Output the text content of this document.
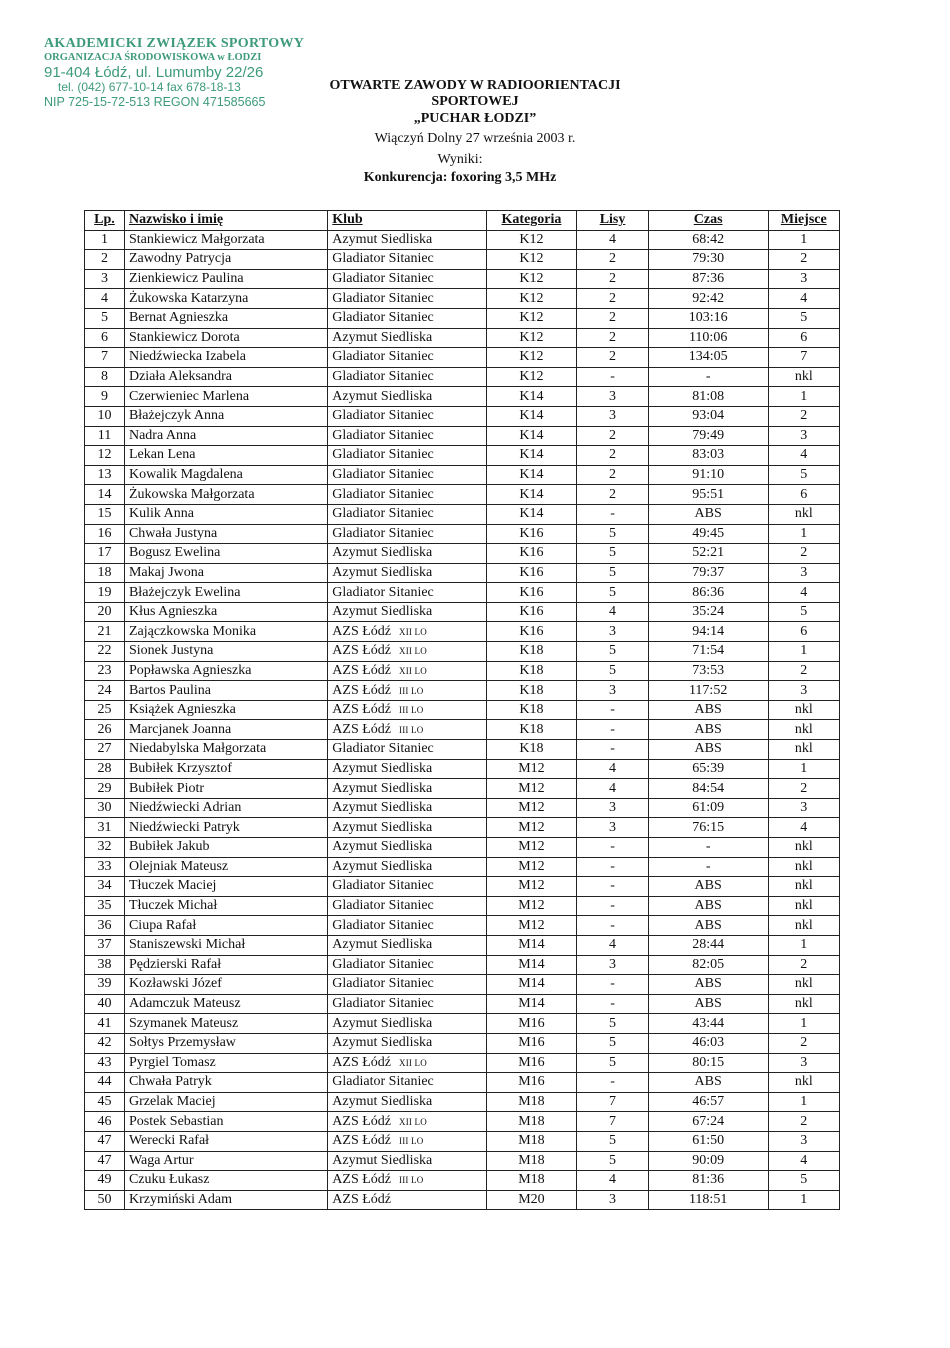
AKADEMICKI ZWIĄZEK SPORTOWY
ORGANIZACJA ŚRODOWISKOWA w ŁODZI
91-404 Łódź, ul. Lumumby 22/26
tel. (042) 677-10-14 fax 678-18-13
NIP 725-15-72-513 REGON 471585665
OTWARTE ZAWODY W RADIOORIENTACJI SPORTOWEJ
„PUCHAR ŁODZI”
Wiączyń Dolny 27 września 2003 r.
Wyniki:
Konkurencja: foxoring 3,5 MHz
Lp.	Nazwisko i imię	Klub	Kategoria	Lisy	Czas	Miejsce
1	Stankiewicz Małgorzata	Azymut Siedliska	K12	4	68:42	1
2	Zawodny Patrycja	Gladiator Sitaniec	K12	2	79:30	2
3	Zienkiewicz Paulina	Gladiator Sitaniec	K12	2	87:36	3
4	Żukowska Katarzyna	Gladiator Sitaniec	K12	2	92:42	4
5	Bernat Agnieszka	Gladiator Sitaniec	K12	2	103:16	5
6	Stankiewicz Dorota	Azymut Siedliska	K12	2	110:06	6
7	Niedźwiecka Izabela	Gladiator Sitaniec	K12	2	134:05	7
8	Działa Aleksandra	Gladiator Sitaniec	K12	-	-	nkl
9	Czerwieniec Marlena	Azymut Siedliska	K14	3	81:08	1
10	Błażejczyk Anna	Gladiator Sitaniec	K14	3	93:04	2
11	Nadra Anna	Gladiator Sitaniec	K14	2	79:49	3
12	Lekan Lena	Gladiator Sitaniec	K14	2	83:03	4
13	Kowalik Magdalena	Gladiator Sitaniec	K14	2	91:10	5
14	Żukowska Małgorzata	Gladiator Sitaniec	K14	2	95:51	6
15	Kulik Anna	Gladiator Sitaniec	K14	-	ABS	nkl
16	Chwała Justyna	Gladiator Sitaniec	K16	5	49:45	1
17	Bogusz Ewelina	Azymut Siedliska	K16	5	52:21	2
18	Makaj Jwona	Azymut Siedliska	K16	5	79:37	3
19	Błażejczyk Ewelina	Gladiator Sitaniec	K16	5	86:36	4
20	Kłus Agnieszka	Azymut Siedliska	K16	4	35:24	5
21	Zajączkowska Monika	AZS Łódź XII LO	K16	3	94:14	6
22	Sionek Justyna	AZS Łódź XII LO	K18	5	71:54	1
23	Popławska Agnieszka	AZS Łódź XII LO	K18	5	73:53	2
24	Bartos Paulina	AZS Łódź III LO	K18	3	117:52	3
25	Książek Agnieszka	AZS Łódź III LO	K18	-	ABS	nkl
26	Marcjanek Joanna	AZS Łódź III LO	K18	-	ABS	nkl
27	Niedabylska Małgorzata	Gladiator Sitaniec	K18	-	ABS	nkl
28	Bubiłek Krzysztof	Azymut Siedliska	M12	4	65:39	1
29	Bubiłek Piotr	Azymut Siedliska	M12	4	84:54	2
30	Niedźwiecki Adrian	Azymut Siedliska	M12	3	61:09	3
31	Niedźwiecki Patryk	Azymut Siedliska	M12	3	76:15	4
32	Bubiłek Jakub	Azymut Siedliska	M12	-	-	nkl
33	Olejniak Mateusz	Azymut Siedliska	M12	-	-	nkl
34	Tłuczek Maciej	Gladiator Sitaniec	M12	-	ABS	nkl
35	Tłuczek Michał	Gladiator Sitaniec	M12	-	ABS	nkl
36	Ciupa Rafał	Gladiator Sitaniec	M12	-	ABS	nkl
37	Staniszewski Michał	Azymut Siedliska	M14	4	28:44	1
38	Pędzierski Rafał	Gladiator Sitaniec	M14	3	82:05	2
39	Kozławski Józef	Gladiator Sitaniec	M14	-	ABS	nkl
40	Adamczuk Mateusz	Gladiator Sitaniec	M14	-	ABS	nkl
41	Szymanek Mateusz	Azymut Siedliska	M16	5	43:44	1
42	Sołtys Przemysław	Azymut Siedliska	M16	5	46:03	2
43	Pyrgiel Tomasz	AZS Łódź XII LO	M16	5	80:15	3
44	Chwała Patryk	Gladiator Sitaniec	M16	-	ABS	nkl
45	Grzelak Maciej	Azymut Siedliska	M18	7	46:57	1
46	Postek Sebastian	AZS Łódź XII LO	M18	7	67:24	2
47	Werecki Rafał	AZS Łódź III LO	M18	5	61:50	3
47	Waga Artur	Azymut Siedliska	M18	5	90:09	4
49	Czuku Łukasz	AZS Łódź III LO	M18	4	81:36	5
50	Krzymiński Adam	AZS Łódź	M20	3	118:51	1
